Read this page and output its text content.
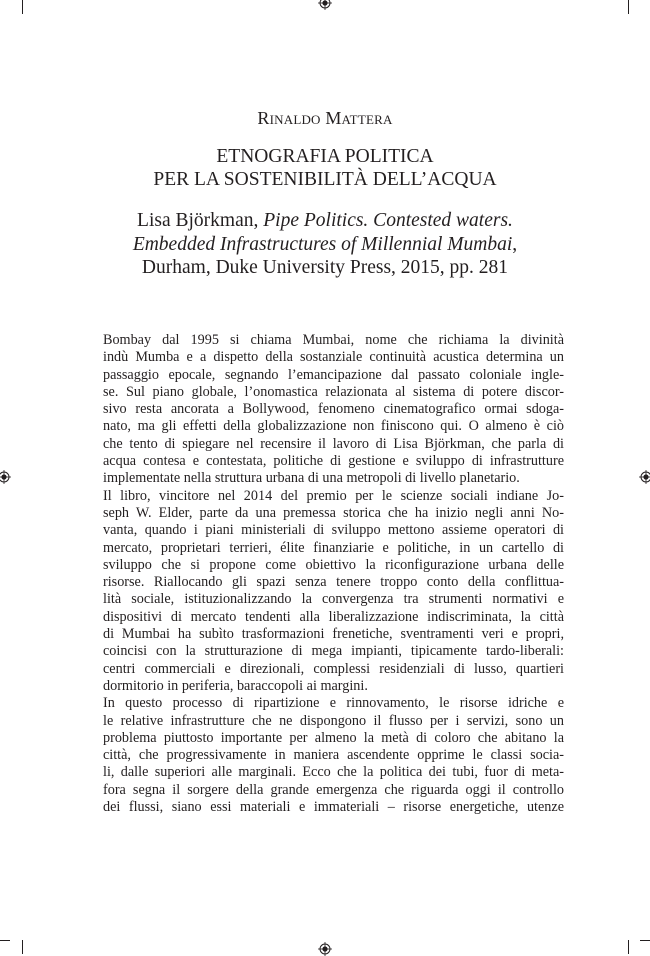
Rinaldo Mattera
ETNOGRAFIA POLITICA
PER LA SOSTENIBILITÀ DELL’ACQUA
Lisa Björkman, Pipe Politics. Contested waters.
Embedded Infrastructures of Millennial Mumbai,
Durham, Duke University Press, 2015, pp. 281

Bombay dal 1995 si chiama Mumbai, nome che richiama la divinità
indù Mumba e a dispetto della sostanziale continuità acustica determina un
passaggio epocale, segnando l’emancipazione dal passato coloniale ingle-
se. Sul piano globale, l’onomastica relazionata al sistema di potere discor-
sivo resta ancorata a Bollywood, fenomeno cinematografico ormai sdoga-
nato, ma gli effetti della globalizzazione non finiscono qui. O almeno è ciò
che tento di spiegare nel recensire il lavoro di Lisa Björkman, che parla di
acqua contesa e contestata, politiche di gestione e sviluppo di infrastrutture
implementate nella struttura urbana di una metropoli di livello planetario.

Il libro, vincitore nel 2014 del premio per le scienze sociali indiane Jo-
seph W. Elder, parte da una premessa storica che ha inizio negli anni No-
vanta, quando i piani ministeriali di sviluppo mettono assieme operatori di
mercato, proprietari terrieri, élite finanziarie e politiche, in un cartello di
sviluppo che si propone come obiettivo la riconfigurazione urbana delle
risorse. Riallocando gli spazi senza tenere troppo conto della conflittua-
lità sociale, istituzionalizzando la convergenza tra strumenti normativi e
dispositivi di mercato tendenti alla liberalizzazione indiscriminata, la città
di Mumbai ha subìto trasformazioni frenetiche, sventramenti veri e propri,
coincisi con la strutturazione di mega impianti, tipicamente tardo-liberali:
centri commerciali e direzionali, complessi residenziali di lusso, quartieri
dormitorio in periferia, baraccopoli ai margini.

In questo processo di ripartizione e rinnovamento, le risorse idriche e
le relative infrastrutture che ne dispongono il flusso per i servizi, sono un
problema piuttosto importante per almeno la metà di coloro che abitano la
città, che progressivamente in maniera ascendente opprime le classi socia-
li, dalle superiori alle marginali. Ecco che la politica dei tubi, fuor di meta-
fora segna il sorgere della grande emergenza che riguarda oggi il controllo
dei flussi, siano essi materiali e immateriali – risorse energetiche, utenze
